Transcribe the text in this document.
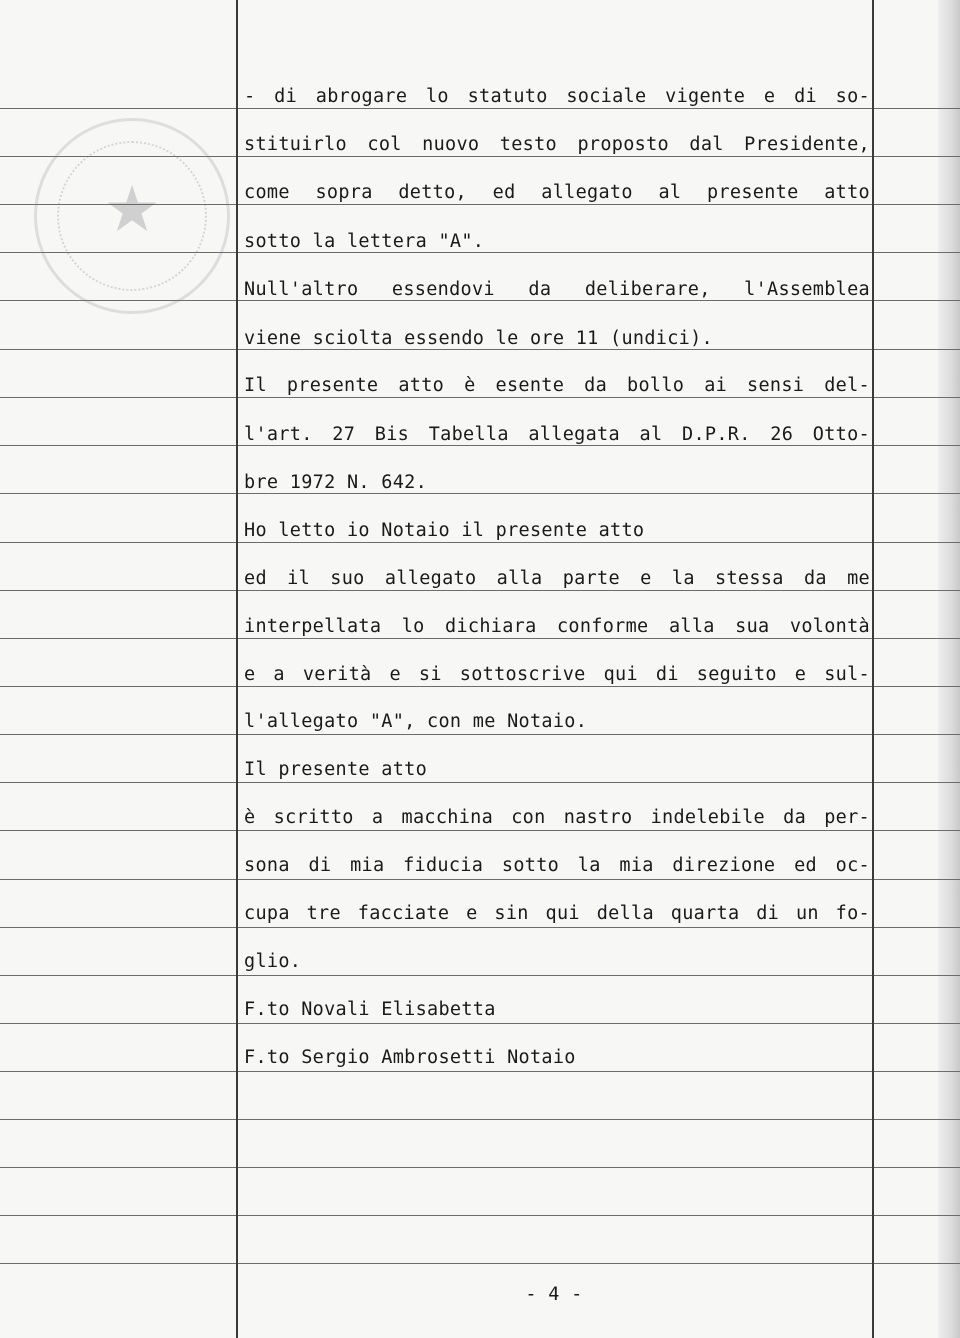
★
- di abrogare lo statuto sociale vigente e di so-
stituirlo col nuovo testo proposto dal Presidente,
come sopra detto, ed allegato al presente atto
sotto la lettera "A".
Null'altro essendovi da deliberare, l'Assemblea
viene sciolta essendo le ore 11 (undici).
Il presente atto è esente da bollo ai sensi del-
l'art. 27 Bis Tabella allegata al D.P.R. 26 Otto-
bre 1972 N. 642.
Ho letto io Notaio il presente atto
ed il suo allegato alla parte e la stessa da me
interpellata lo dichiara conforme alla sua volontà
e a verità e si sottoscrive qui di seguito e sul-
l'allegato "A", con me Notaio.
Il presente atto
è scritto a macchina con nastro indelebile da per-
sona di mia fiducia sotto la mia direzione ed oc-
cupa tre facciate e sin qui della quarta di un fo-
glio.
F.to Novali Elisabetta
F.to Sergio Ambrosetti Notaio
- 4 -
